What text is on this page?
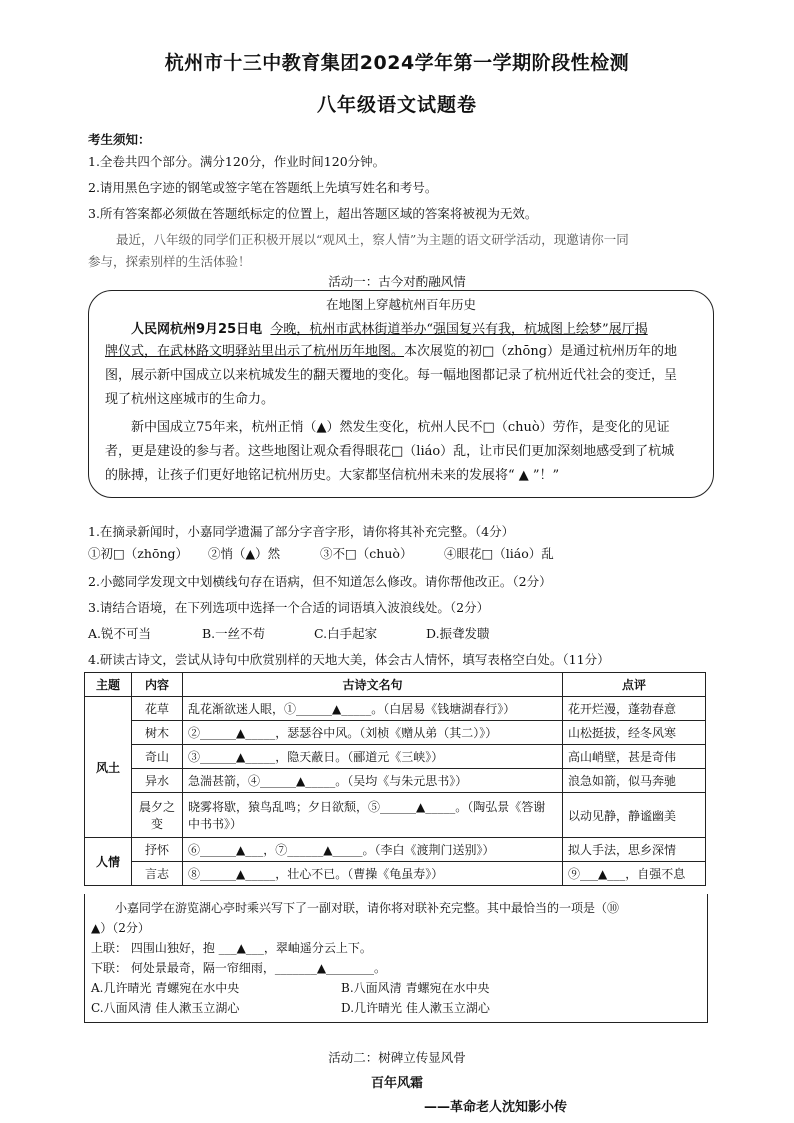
杭州市十三中教育集团2024学年第一学期阶段性检测
八年级语文试题卷
考生须知：
1.全卷共四个部分。满分120分，作业时间120分钟。
2.请用黑色字迹的钢笔或签字笔在答题纸上先填写姓名和考号。
3.所有答案都必须做在答题纸标定的位置上，超出答题区域的答案将被视为无效。
最近，八年级的同学们正积极开展以“观风土，察人情”为主题的语文研学活动，现邀请你一同
参与，探索别样的生活体验！
活动一：古今对酌融风情
在地图上穿越杭州百年历史
人民网杭州9月25日电 今晚，杭州市武林街道举办“强国复兴有我，杭城图上绘梦”展厅揭
牌仪式，在武林路文明驿站里出示了杭州历年地图。本次展览的初□（zhōng）是通过杭州历年的地
图，展示新中国成立以来杭城发生的翻天覆地的变化。每一幅地图都记录了杭州近代社会的变迁，呈
现了杭州这座城市的生命力。
新中国成立75年来，杭州正悄（▲）然发生变化，杭州人民不□（chuò）劳作，是变化的见证
者，更是建设的参与者。这些地图让观众看得眼花□（liáo）乱，让市民们更加深刻地感受到了杭城
的脉搏，让孩子们更好地铭记杭州历史。大家都坚信杭州未来的发展将“ ▲ ”！”
1.在摘录新闻时，小嘉同学遗漏了部分字音字形，请你将其补充完整。（4分）
①初□（zhōng） ②悄（▲）然	③不□（chuò）	④眼花□（liáo）乱
2.小懿同学发现文中划横线句存在语病，但不知道怎么修改。请你帮他改正。（2分）
3.请结合语境，在下列选项中选择一个合适的词语填入波浪线处。（2分）
A.锐不可当	B.一丝不苟	C.白手起家	D.振聋发聩
4.研读古诗文，尝试从诗句中欣赏别样的天地大美，体会古人情怀，填写表格空白处。（11分）
主题	内容	古诗文名句	点评
风土	花草	乱花渐欲迷人眼，①______▲_____。（白居易《钱塘湖春行》）	花开烂漫，蓬勃春意
	树木	②______▲_____，瑟瑟谷中风。（刘桢《赠从弟（其二）》）	山松挺拔，经冬风寒
	奇山	③______▲_____，隐天蔽日。（郦道元《三峡》）	高山峭壁，甚是奇伟
	异水	急湍甚箭，④______▲_____。（吴均《与朱元思书》）	浪急如箭，似马奔驰
	晨夕之变	晓雾将歇，猿鸟乱鸣；夕日欲颓，⑤______▲_____。（陶弘景《答谢中书书》）	以动见静，静谧幽美
人情	抒怀	⑥______▲___，⑦______▲_____。（李白《渡荆门送别》）	拟人手法，思乡深情
	言志	⑧______▲_____，壮心不已。（曹操《龟虽寿》）	⑨___▲___，自强不息
小嘉同学在游览湖心亭时乘兴写下了一副对联，请你将对联补充完整。其中最恰当的一项是（⑩
▲）（2分）
上联： 四围山独好，抱 ___▲___，翠岫遥分云上下。
下联： 何处景最奇，隔一帘细雨，_______▲________。
A.几许晴光 青螺宛在水中央	B.八面风清 青螺宛在水中央
C.八面风清 佳人漱玉立湖心	D.几许晴光 佳人漱玉立湖心
活动二：树碑立传显风骨
百年风霜
——革命老人沈知影小传
